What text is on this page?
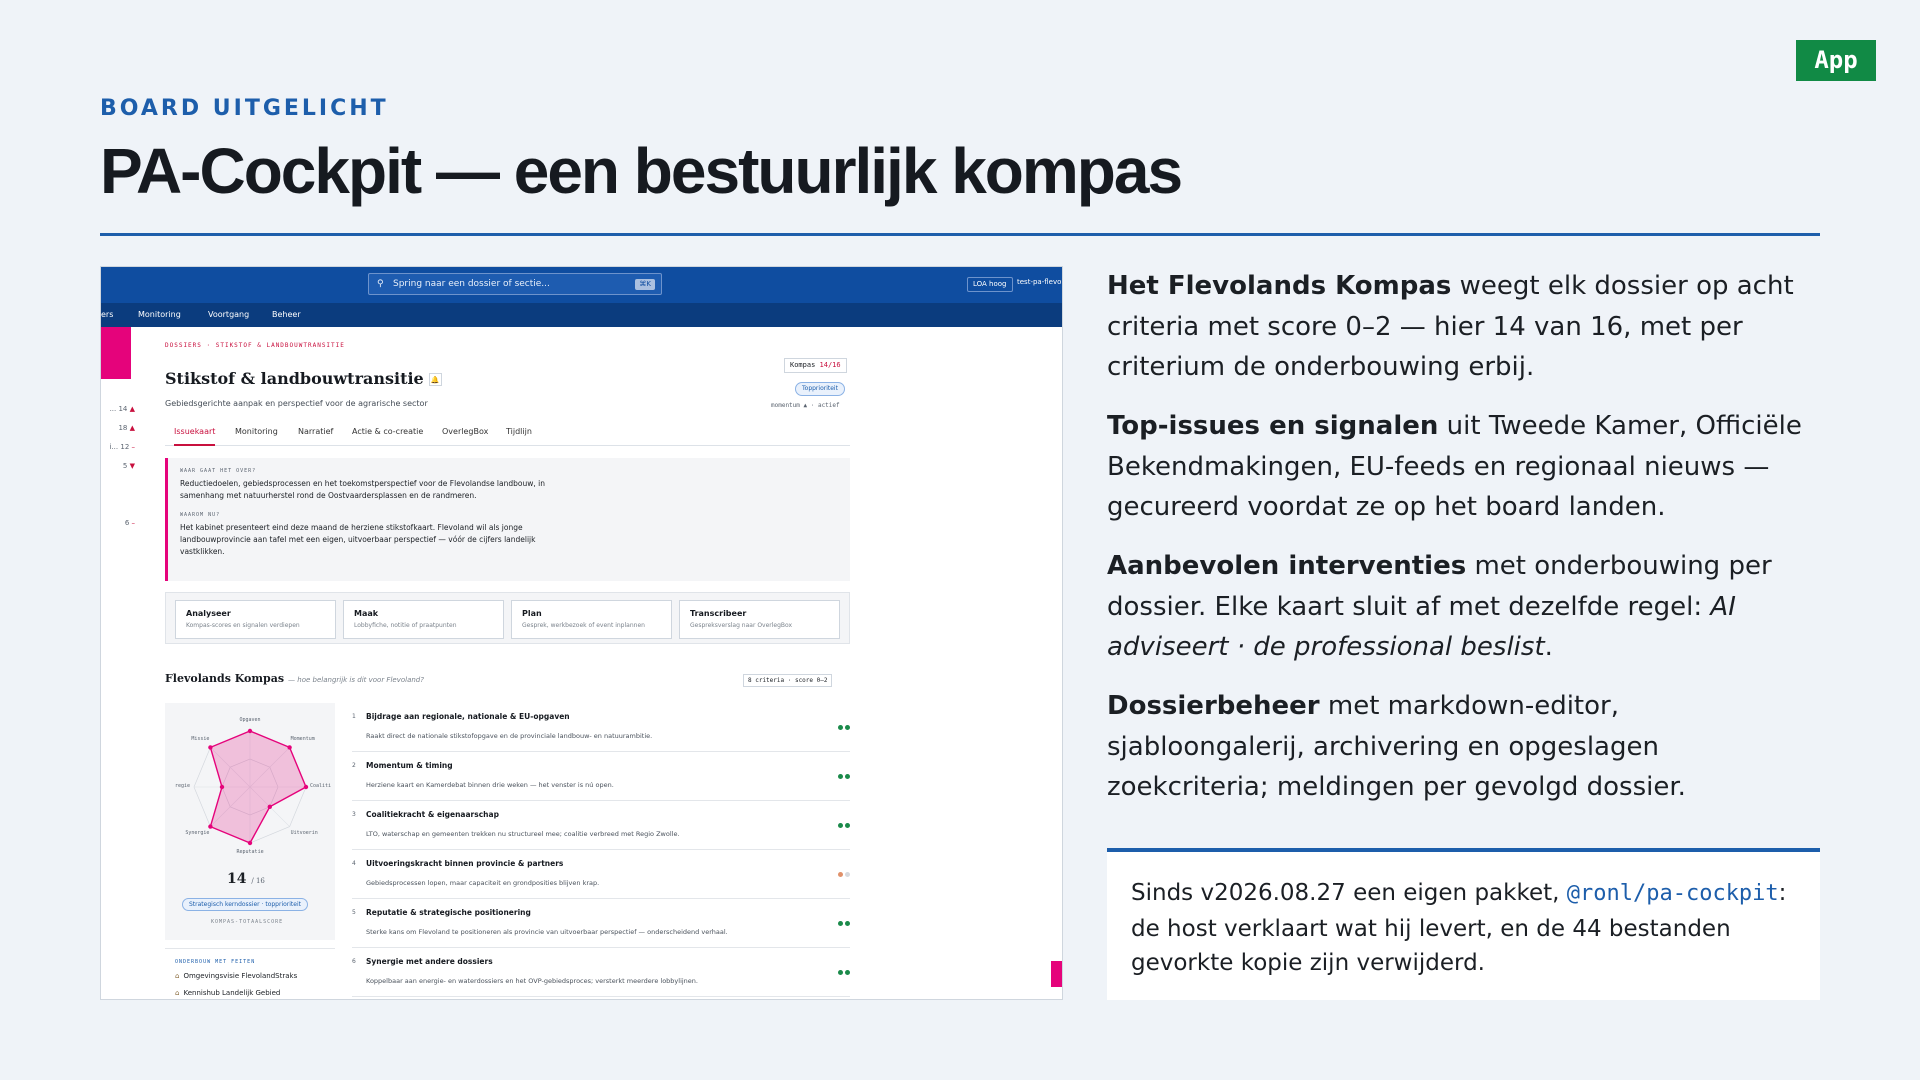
App
BOARD UITGELICHT
PA-Cockpit — een bestuurlijk kompas
⚲ Spring naar een dossier of sectie...	⌘K	LOA hoog	test-pa-flevo
ers	Monitoring	Voortgang	Beheer
... 14 ▲
18 ▲
i... 12 –
5 ▼
6 –
DOSSIERS · STIKSTOF & LANDBOUWTRANSITIE
Stikstof & landbouwtransitie 🔔
Gebiedsgerichte aanpak en perspectief voor de agrarische sector
Kompas 14/16
Topprioriteit
momentum ▲ · actief
Issuekaart Monitoring	Narratief Actie & co-creatie OverlegBox Tijdlijn
WAAR GAAT HET OVER?
Reductiedoelen, gebiedsprocessen en het toekomstperspectief voor de Flevolandse landbouw, in samenhang met natuurherstel rond de Oostvaardersplassen en de randmeren.
WAAROM NU?
Het kabinet presenteert eind deze maand de herziene stikstofkaart. Flevoland wil als jonge landbouwprovincie aan tafel met een eigen, uitvoerbaar perspectief — vóór de cijfers landelijk vastklikken.
Analyseer
Kompas-scores en signalen verdiepen
Maak
Lobbyfiche, notitie of praatpunten
Plan
Gesprek, werkbezoek of event inplannen
Transcribeer
Gespreksverslag naar OverlegBox
Flevolands Kompas — hoe belangrijk is dit voor Flevoland?	8 criteria · score 0–2
Opgaven
Momentum
Coaliti
Uitvoerin
Reputatie
Synergie
regie
Missie
14 / 16
Strategisch kerndossier · topprioriteit
KOMPAS-TOTAALSCORE
1 Bijdrage aan regionale, nationale & EU-opgaven
Raakt direct de nationale stikstofopgave en de provinciale landbouw- en natuurambitie.
2 Momentum & timing
Herziene kaart en Kamerdebat binnen drie weken — het venster is nú open.
3 Coalitiekracht & eigenaarschap
LTO, waterschap en gemeenten trekken nu structureel mee; coalitie verbreed met Regio Zwolle.
4 Uitvoeringskracht binnen provincie & partners
Gebiedsprocessen lopen, maar capaciteit en grondposities blijven krap.
5 Reputatie & strategische positionering
Sterke kans om Flevoland te positioneren als provincie van uitvoerbaar perspectief — onderscheidend verhaal.
6 Synergie met andere dossiers
Koppelbaar aan energie- en waterdossiers en het OVP-gebiedsproces; versterkt meerdere lobbylijnen.
ONDERBOUW MET FEITEN
⌂ Omgevingsvisie FlevolandStraks
⌂ Kennishub Landelijk Gebied
Het Flevolands Kompas weegt elk dossier op acht criteria met score 0–2 — hier 14 van 16, met per criterium de onderbouwing erbij.
Top-issues en signalen uit Tweede Kamer, Officiële Bekendmakingen, EU-feeds en regionaal nieuws — gecureerd voordat ze op het board landen.
Aanbevolen interventies met onderbouwing per dossier. Elke kaart sluit af met dezelfde regel: AI adviseert · de professional beslist.
Dossierbeheer met markdown-editor, sjabloongalerij, archivering en opgeslagen zoekcriteria; meldingen per gevolgd dossier.
Sinds v2026.08.27 een eigen pakket, @ronl/pa-cockpit: de host verklaart wat hij levert, en de 44 bestanden gevorkte kopie zijn verwijderd.
